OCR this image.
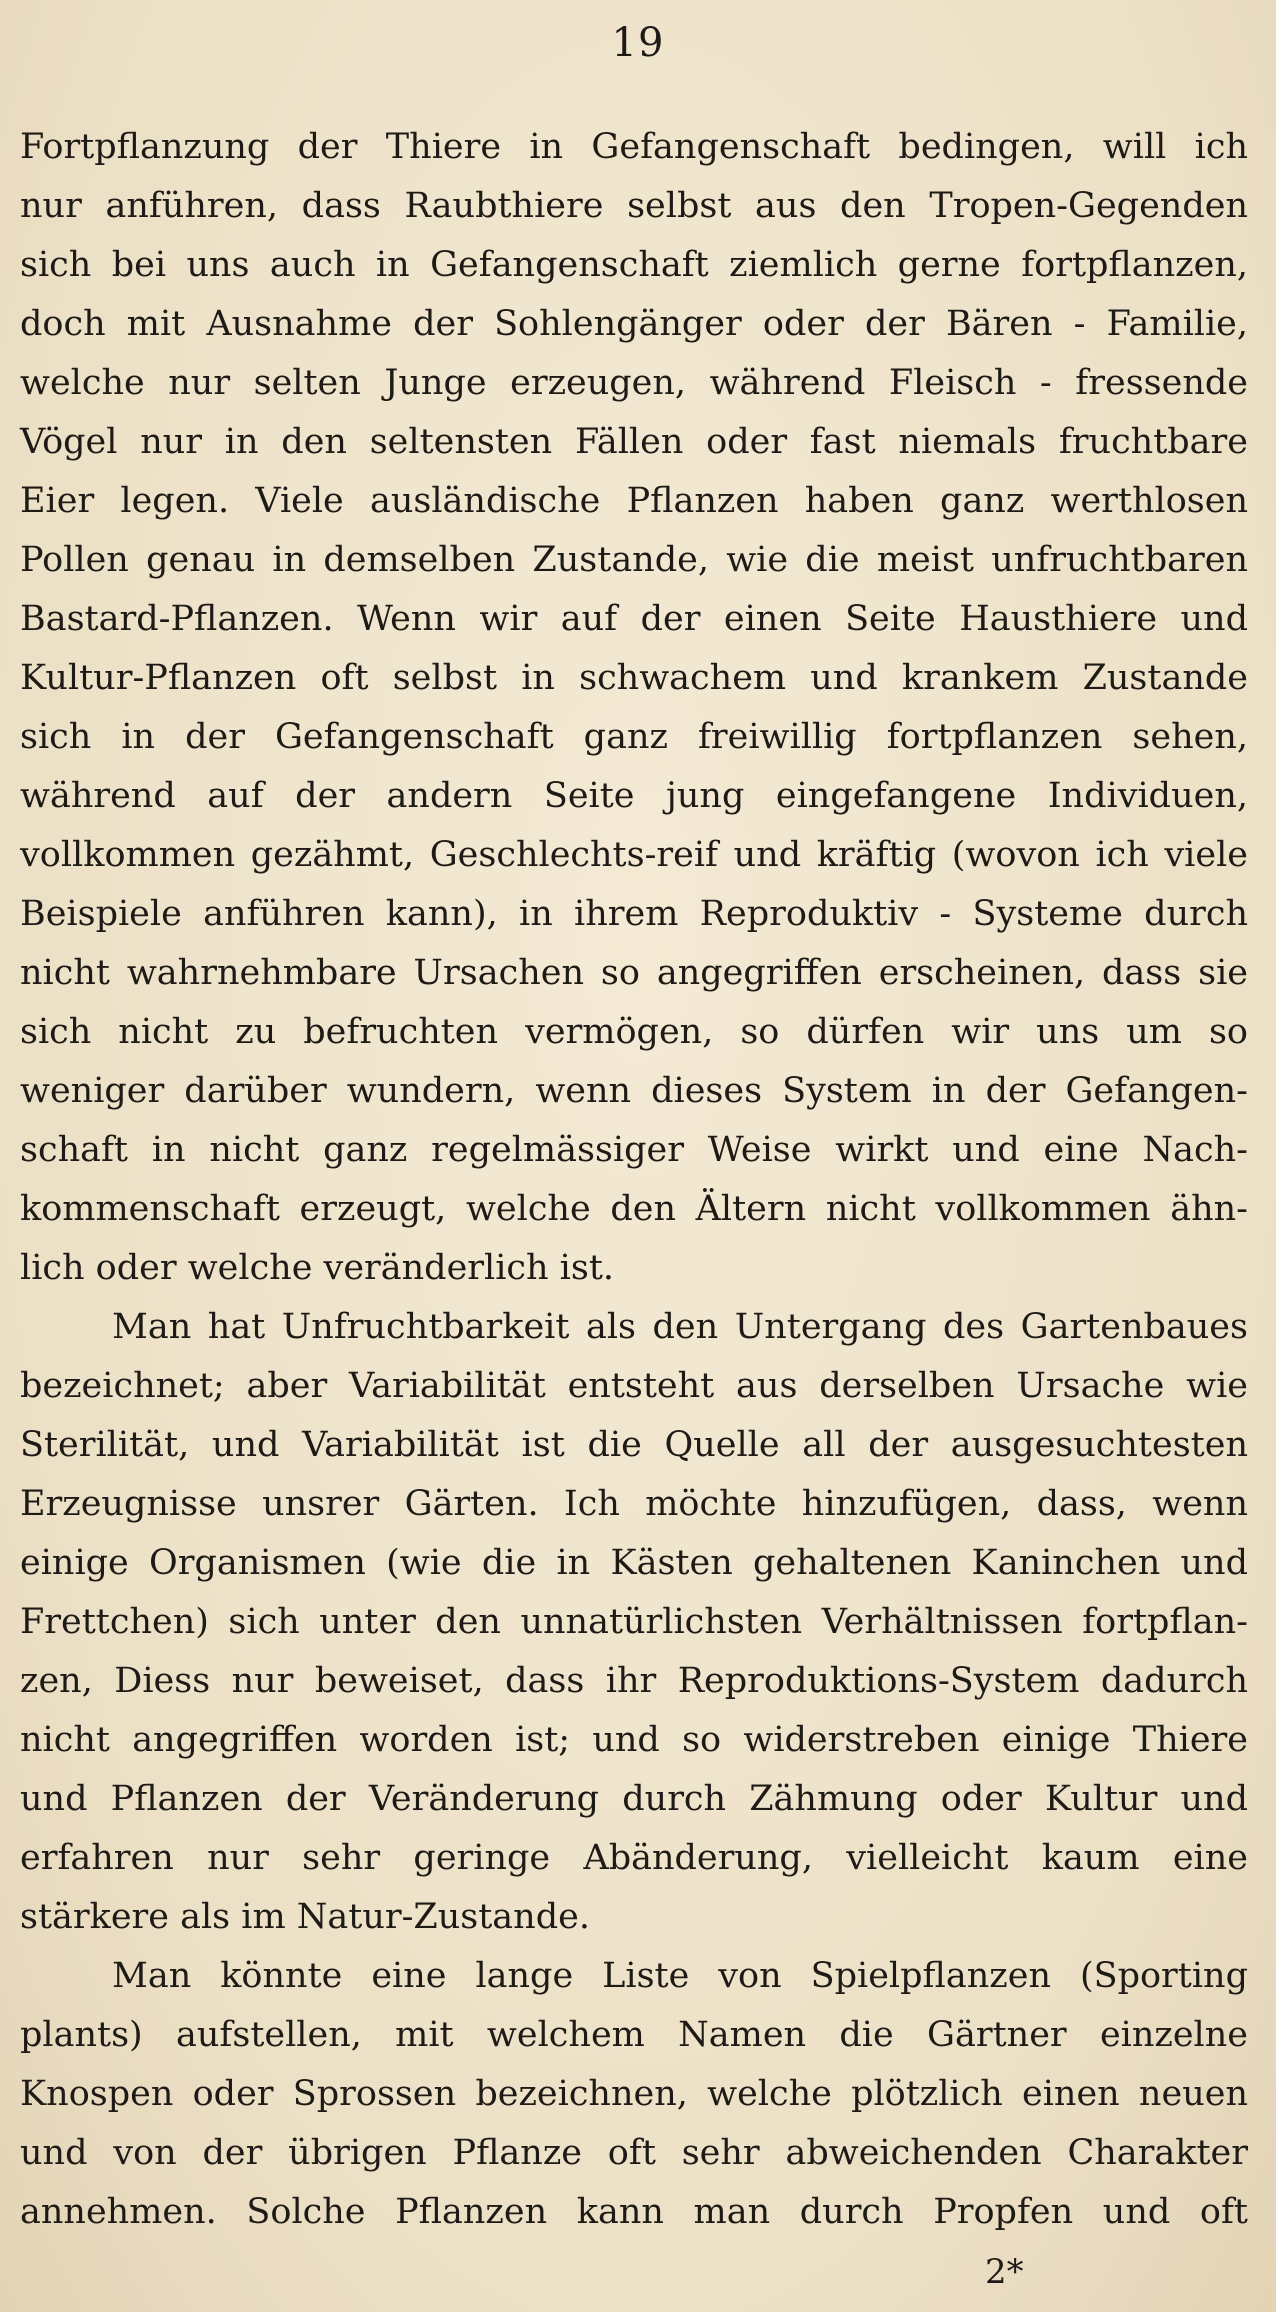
19
Fortpflanzung der Thiere in Gefangenschaft bedingen, will ich
nur anführen, dass Raubthiere selbst aus den Tropen-Gegenden
sich bei uns auch in Gefangenschaft ziemlich gerne fortpflanzen,
doch mit Ausnahme der Sohlengänger oder der Bären - Familie,
welche nur selten Junge erzeugen, während Fleisch - fressende
Vögel nur in den seltensten Fällen oder fast niemals fruchtbare
Eier legen. Viele ausländische Pflanzen haben ganz werthlosen
Pollen genau in demselben Zustande, wie die meist unfruchtbaren
Bastard-Pflanzen. Wenn wir auf der einen Seite Hausthiere und
Kultur-Pflanzen oft selbst in schwachem und krankem Zustande
sich in der Gefangenschaft ganz freiwillig fortpflanzen sehen,
während auf der andern Seite jung eingefangene Individuen,
vollkommen gezähmt, Geschlechts-reif und kräftig (wovon ich viele
Beispiele anführen kann), in ihrem Reproduktiv - Systeme durch
nicht wahrnehmbare Ursachen so angegriffen erscheinen, dass sie
sich nicht zu befruchten vermögen, so dürfen wir uns um so
weniger darüber wundern, wenn dieses System in der Gefangen-
schaft in nicht ganz regelmässiger Weise wirkt und eine Nach-
kommenschaft erzeugt, welche den Ältern nicht vollkommen ähn-
lich oder welche veränderlich ist.
Man hat Unfruchtbarkeit als den Untergang des Gartenbaues
bezeichnet; aber Variabilität entsteht aus derselben Ursache wie
Sterilität, und Variabilität ist die Quelle all der ausgesuchtesten
Erzeugnisse unsrer Gärten. Ich möchte hinzufügen, dass, wenn
einige Organismen (wie die in Kästen gehaltenen Kaninchen und
Frettchen) sich unter den unnatürlichsten Verhältnissen fortpflan-
zen, Diess nur beweiset, dass ihr Reproduktions-System dadurch
nicht angegriffen worden ist; und so widerstreben einige Thiere
und Pflanzen der Veränderung durch Zähmung oder Kultur und
erfahren nur sehr geringe Abänderung, vielleicht kaum eine
stärkere als im Natur-Zustande.
Man könnte eine lange Liste von Spielpflanzen (Sporting
plants) aufstellen, mit welchem Namen die Gärtner einzelne
Knospen oder Sprossen bezeichnen, welche plötzlich einen neuen
und von der übrigen Pflanze oft sehr abweichenden Charakter
annehmen. Solche Pflanzen kann man durch Propfen und oft
2*
